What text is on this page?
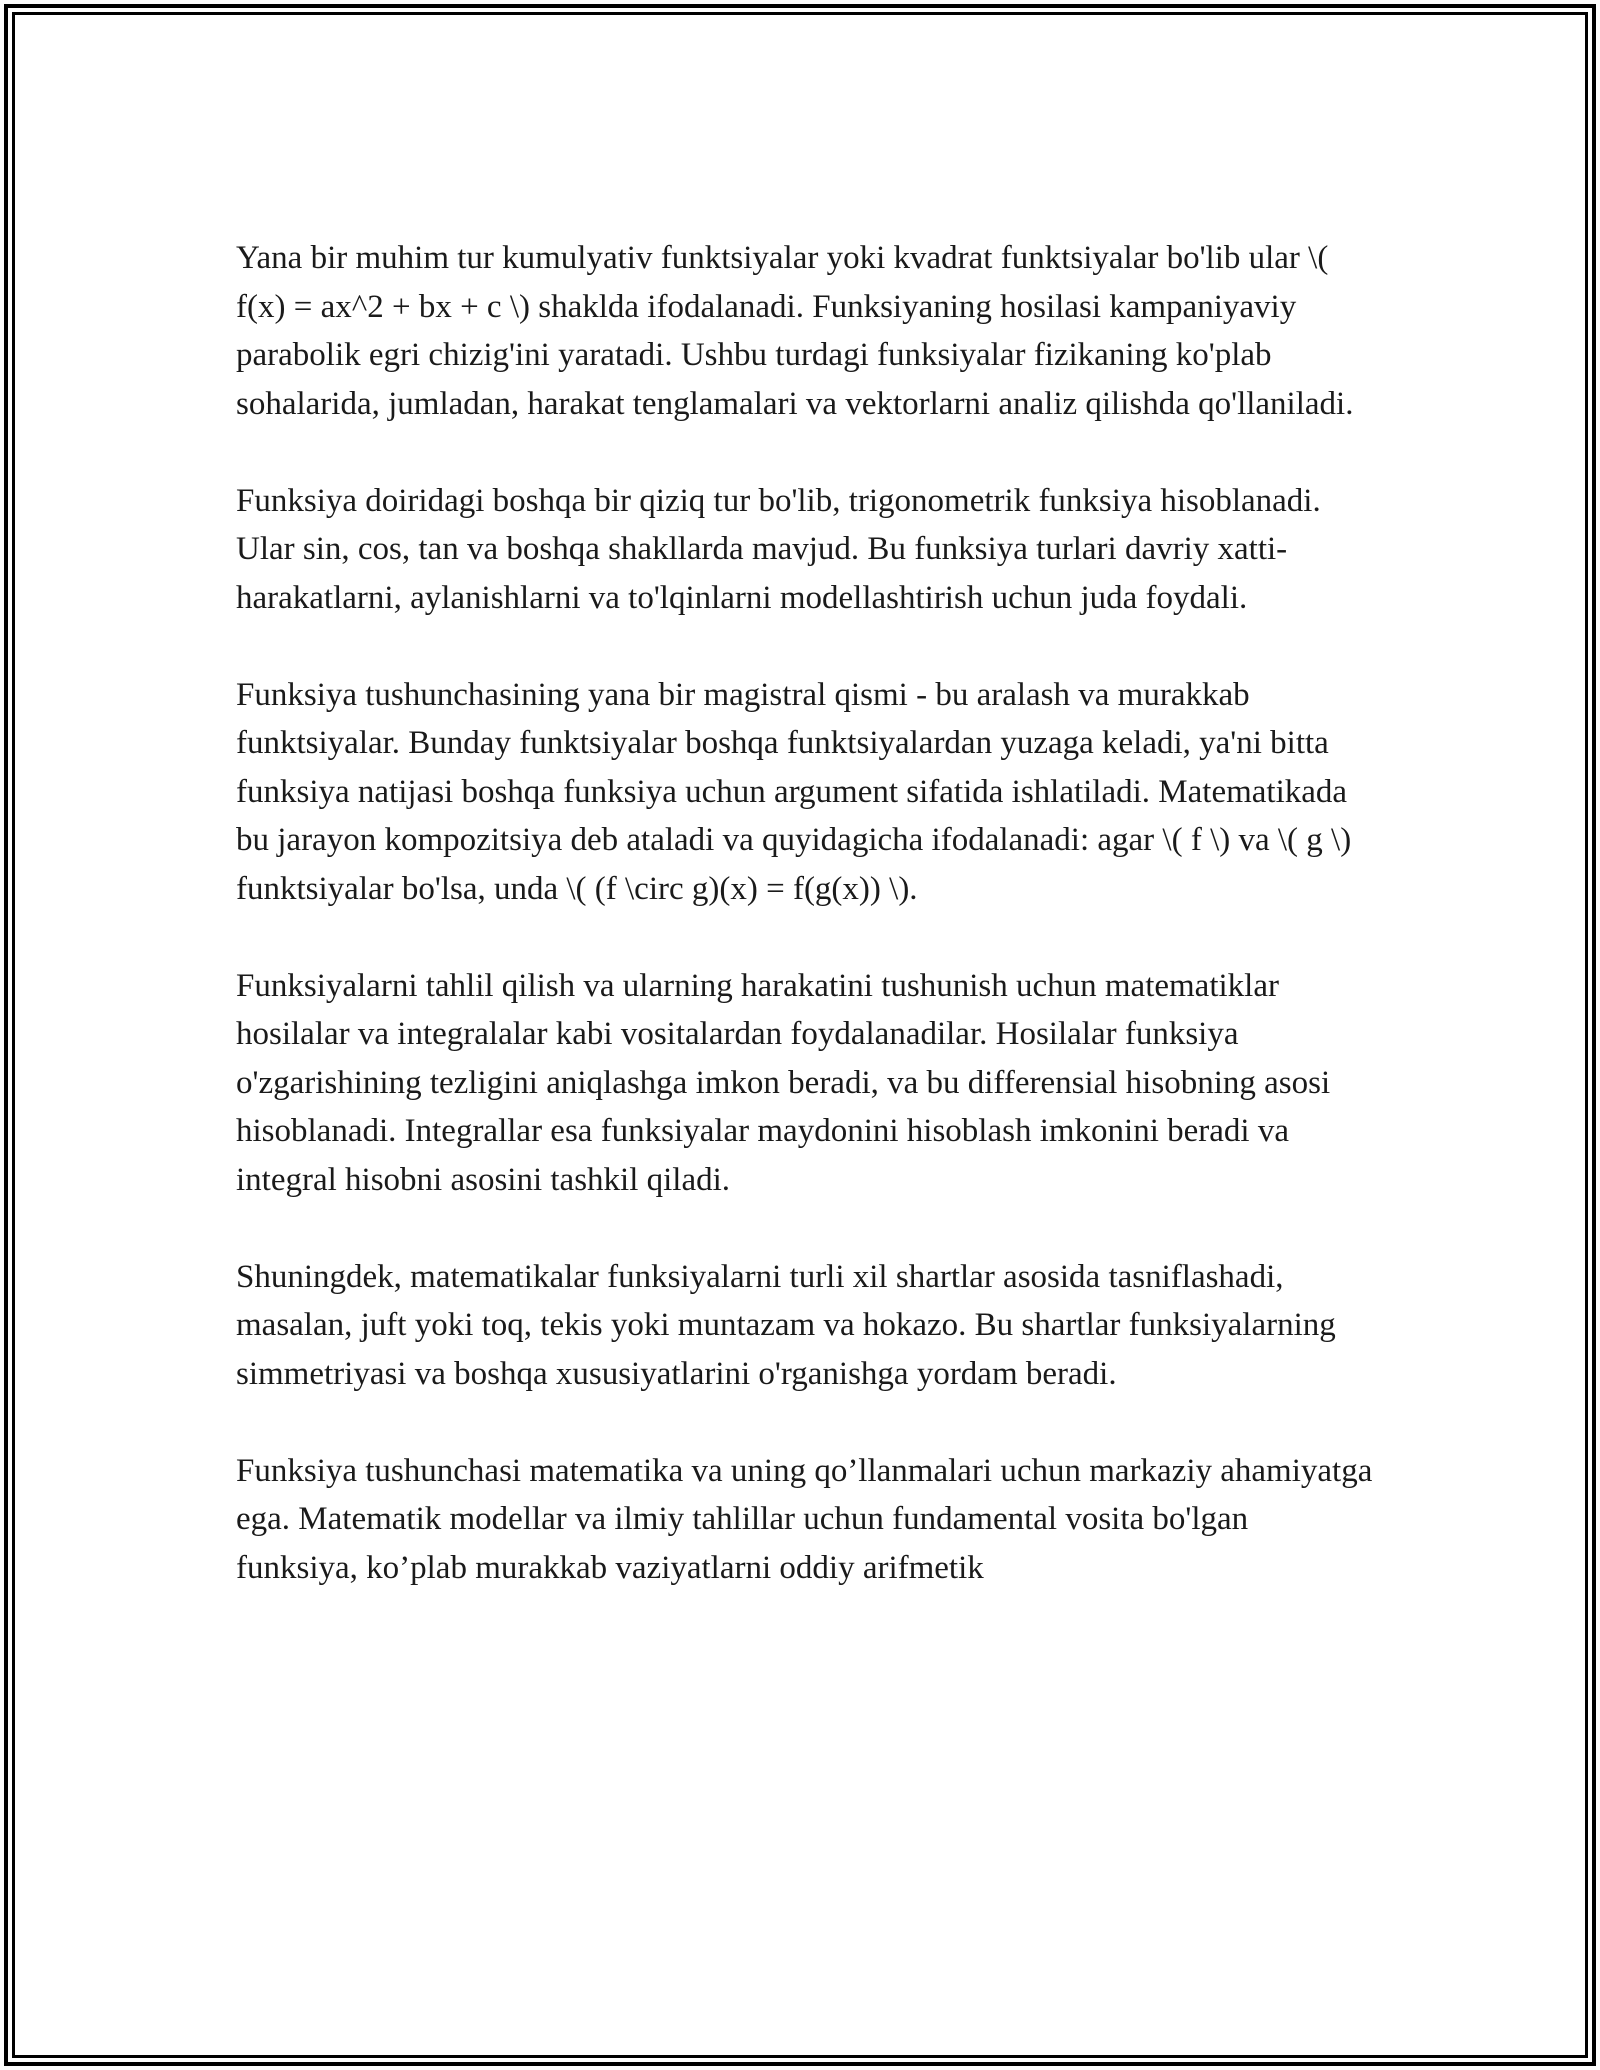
Yana bir muhim tur kumulyativ funktsiyalar yoki kvadrat funktsiyalar bo'lib ular \( f(x) = ax^2 + bx + c \) shaklda ifodalanadi. Funksiyaning hosilasi kampaniyaviy parabolik egri chizig'ini yaratadi. Ushbu turdagi funksiyalar fizikaning ko'plab sohalarida, jumladan, harakat tenglamalari va vektorlarni analiz qilishda qo'llaniladi.

Funksiya doiridagi boshqa bir qiziq tur bo'lib, trigonometrik funksiya hisoblanadi. Ular sin, cos, tan va boshqa shakllarda mavjud. Bu funksiya turlari davriy xatti-harakatlarni, aylanishlarni va to'lqinlarni modellashtirish uchun juda foydali.

Funksiya tushunchasining yana bir magistral qismi - bu aralash va murakkab funktsiyalar. Bunday funktsiyalar boshqa funktsiyalardan yuzaga keladi, ya'ni bitta funksiya natijasi boshqa funksiya uchun argument sifatida ishlatiladi. Matematikada bu jarayon kompozitsiya deb ataladi va quyidagicha ifodalanadi: agar \( f \) va \( g \) funktsiyalar bo'lsa, unda \( (f \circ g)(x) = f(g(x)) \).

Funksiyalarni tahlil qilish va ularning harakatini tushunish uchun matematiklar hosilalar va integralalar kabi vositalardan foydalanadilar. Hosilalar funksiya o'zgarishining tezligini aniqlashga imkon beradi, va bu differensial hisobning asosi hisoblanadi. Integrallar esa funksiyalar maydonini hisoblash imkonini beradi va integral hisobni asosini tashkil qiladi.

Shuningdek, matematikalar funksiyalarni turli xil shartlar asosida tasniflashadi, masalan, juft yoki toq, tekis yoki muntazam va hokazo. Bu shartlar funksiyalarning simmetriyasi va boshqa xususiyatlarini o'rganishga yordam beradi.

Funksiya tushunchasi matematika va uning qo’llanmalari uchun markaziy ahamiyatga ega. Matematik modellar va ilmiy tahlillar uchun fundamental vosita bo'lgan funksiya, ko’plab murakkab vaziyatlarni oddiy arifmetik
